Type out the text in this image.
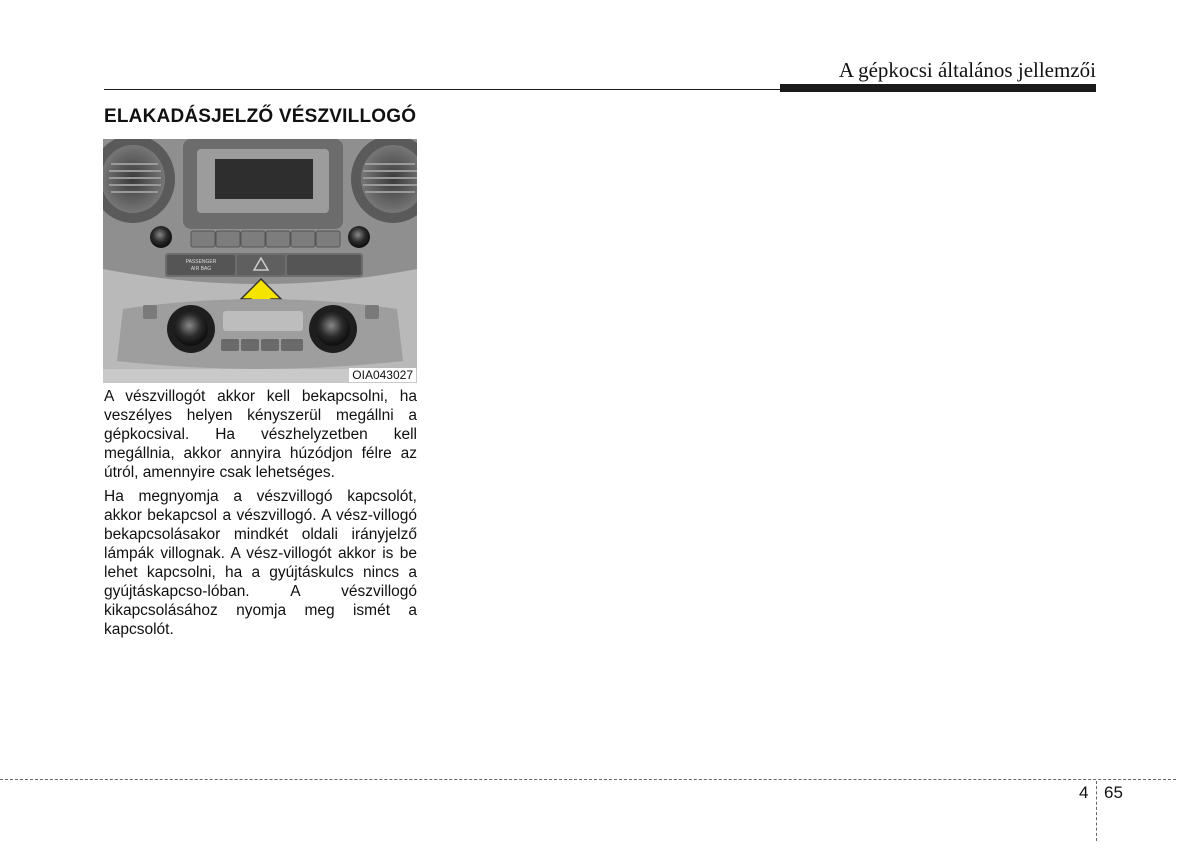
A gépkocsi általános jellemzői
ELAKADÁSJELZŐ VÉSZVILLOGÓ
PASSENGER
AIR BAG
OIA043027

A vészvillogót akkor kell bekapcsolni, ha veszélyes helyen kényszerül megállni a gépkocsival. Ha vészhelyzetben kell megállnia, akkor annyira húzódjon félre az útról, amennyire csak lehetséges.

Ha megnyomja a vészvillogó kapcsolót, akkor bekapcsol a vészvillogó. A vész-villogó bekapcsolásakor mindkét oldali irányjelző lámpák villognak. A vész-villogót akkor is be lehet kapcsolni, ha a gyújtáskulcs nincs a gyújtáskapcso-lóban. A vészvillogó kikapcsolásához nyomja meg ismét a kapcsolót.

4 65
